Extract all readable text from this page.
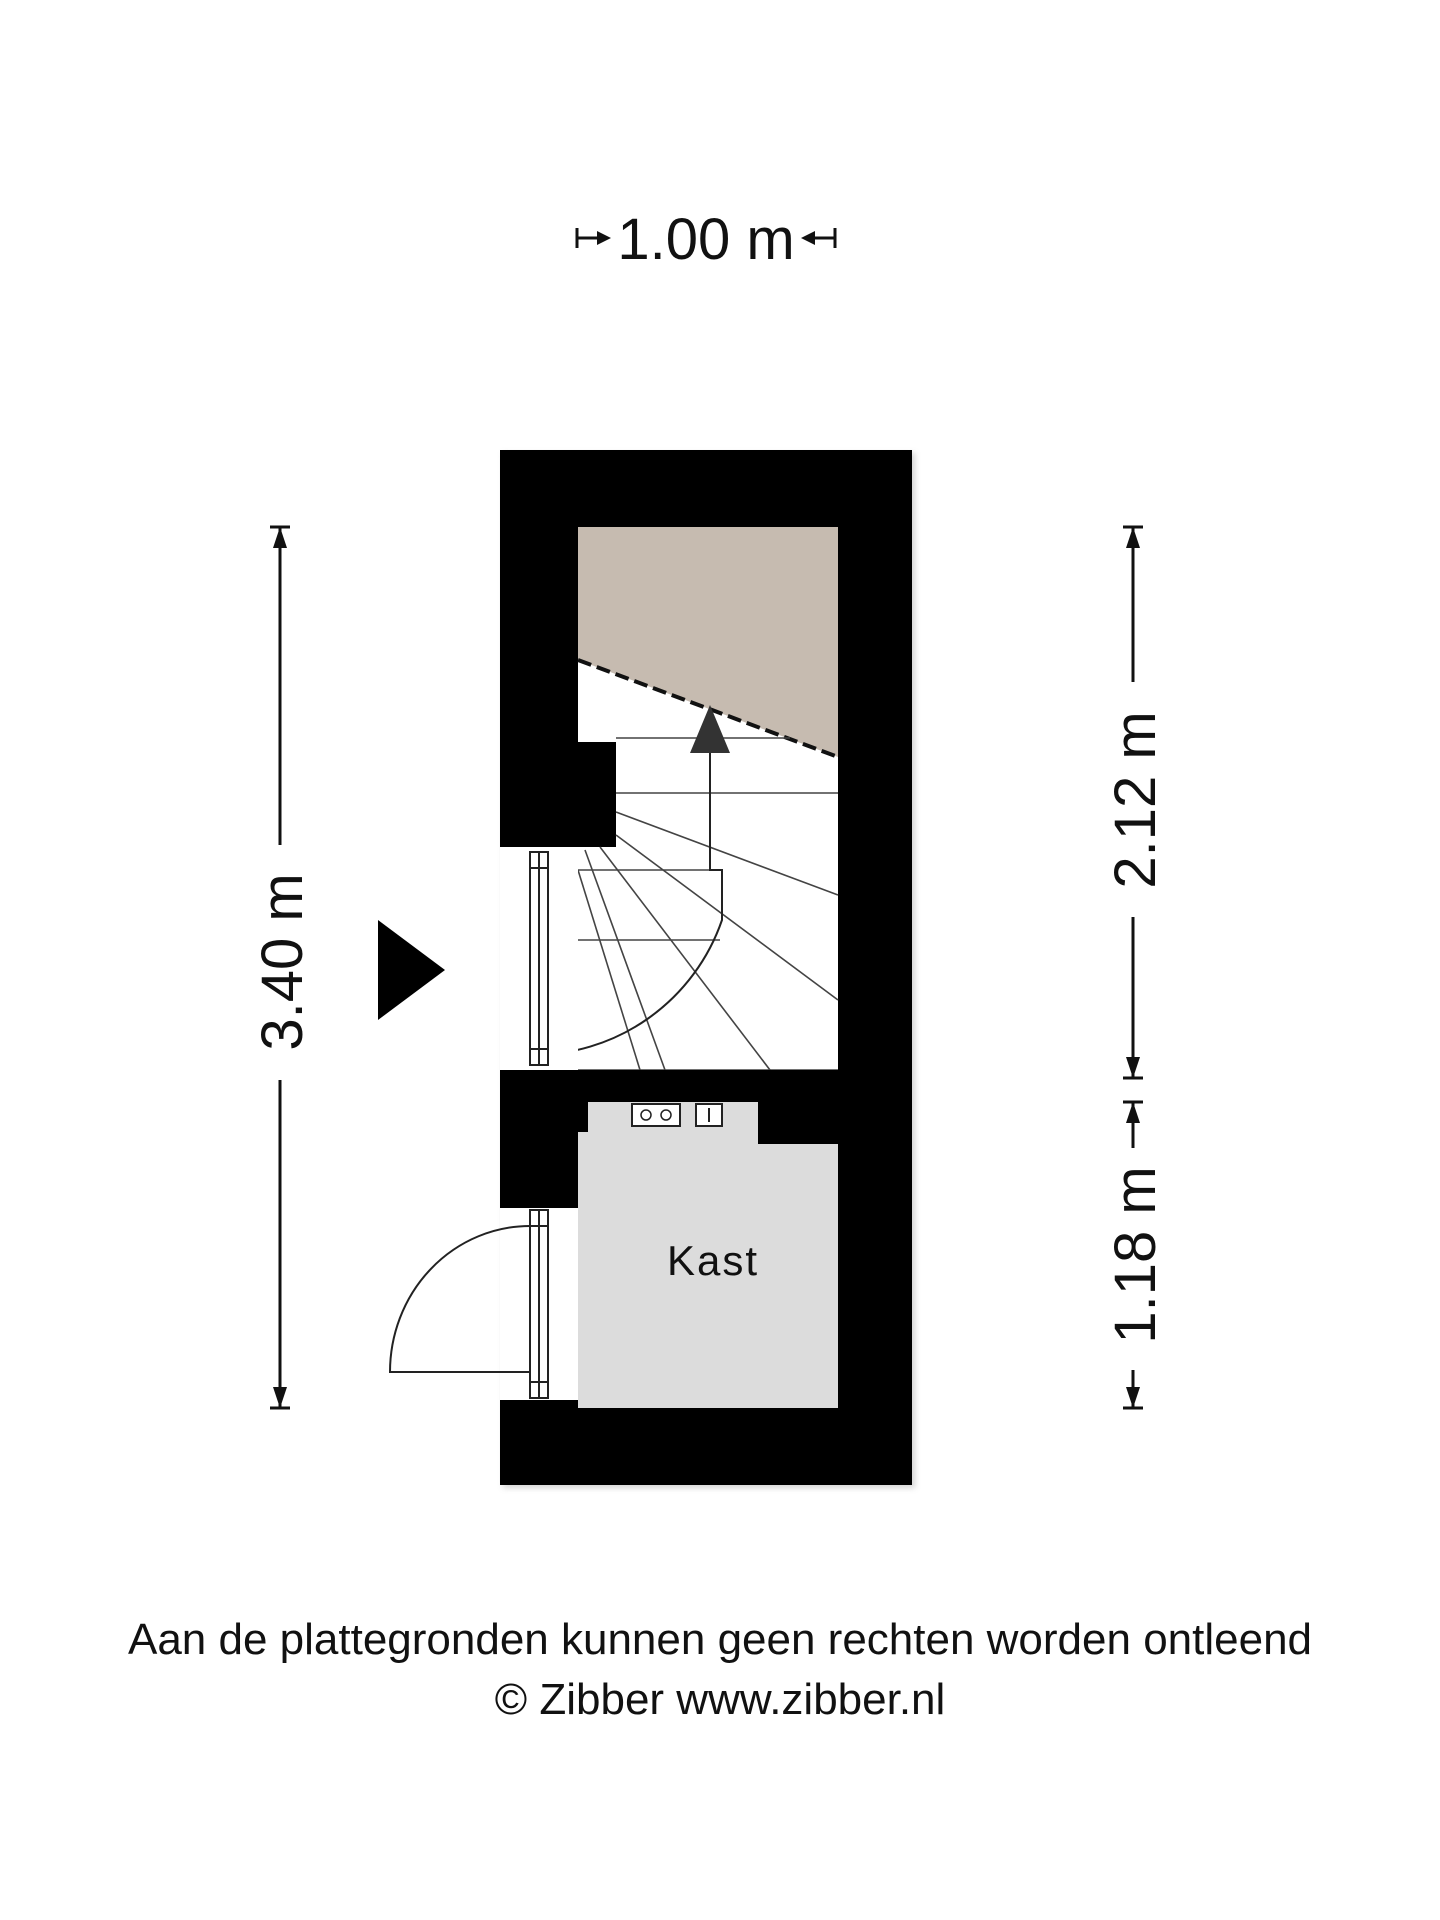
1.00 m
3.40 m
2.12 m
1.18 m
Kast
Aan de plattegronden kunnen geen rechten worden ontleend
© Zibber www.zibber.nl
